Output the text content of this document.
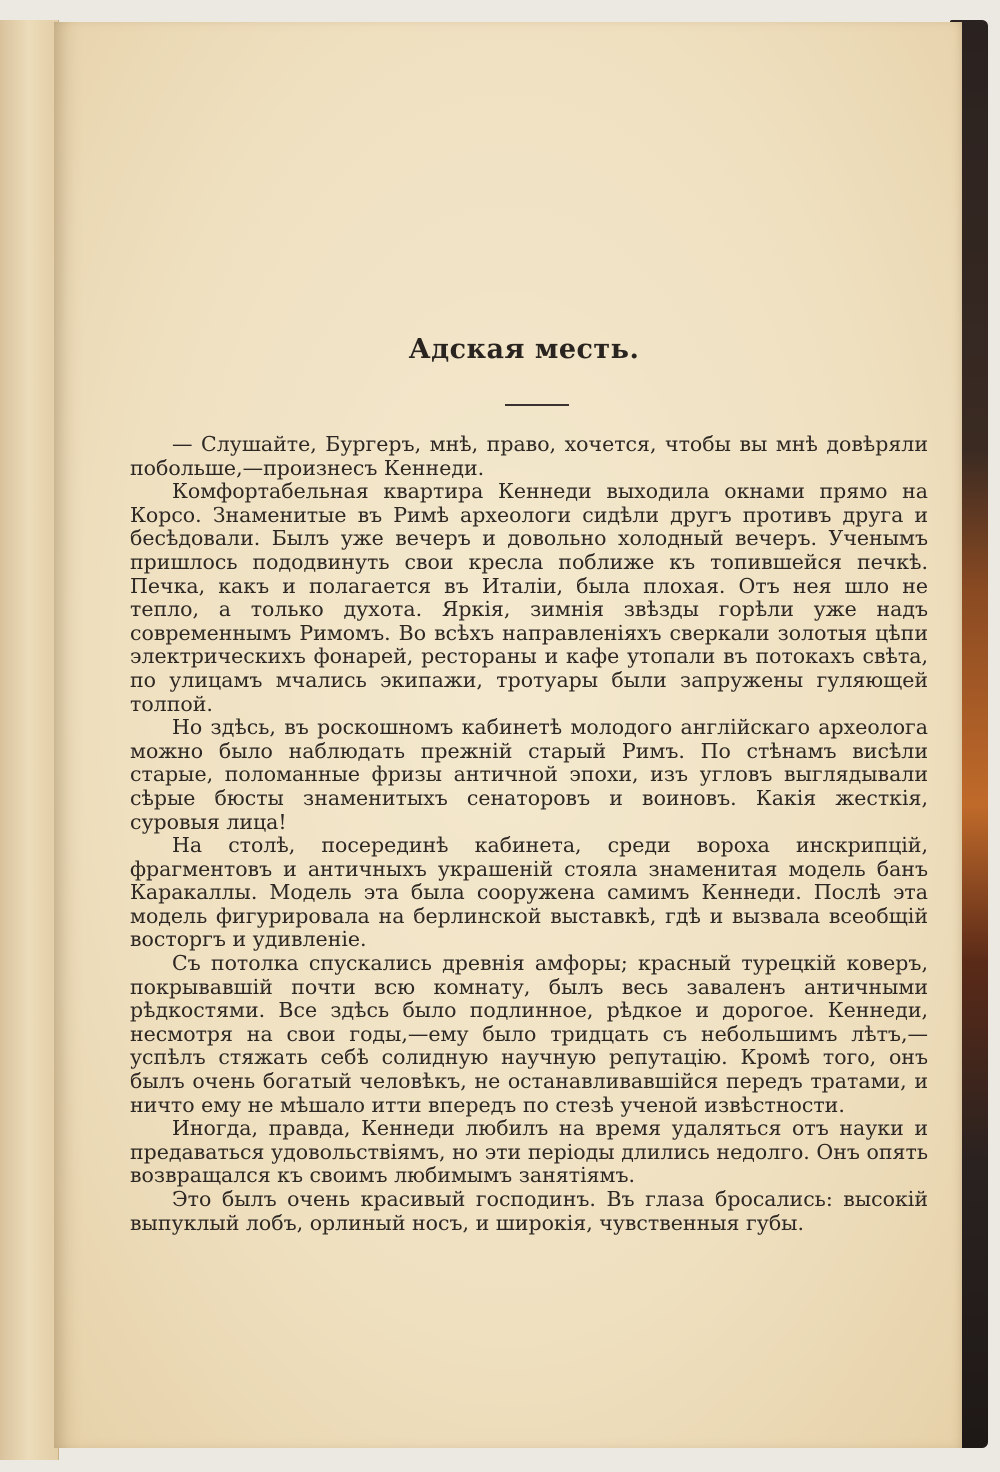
Адская месть.

— Слушайте, Бургеръ, мнѣ, право, хочется, чтобы вы мнѣ довѣряли побольше,—произнесъ Кеннеди.

Комфортабельная квартира Кеннеди выходила окнами прямо на Корсо. Знаменитые въ Римѣ археологи сидѣли другъ противъ друга и бесѣдовали. Былъ уже вечеръ и довольно холодный вечеръ. Ученымъ пришлось пододвинуть свои кресла поближе къ топившейся печкѣ. Печка, какъ и полагается въ Италіи, была плохая. Отъ нея шло не тепло, а только духота. Яркія, зимнія звѣзды горѣли уже надъ современнымъ Римомъ. Во всѣхъ направленіяхъ сверкали золотыя цѣпи электрическихъ фонарей, рестораны и кафе утопали въ потокахъ свѣта, по улицамъ мчались экипажи, тротуары были запружены гуляющей толпой.

Но здѣсь, въ роскошномъ кабинетѣ молодого англійскаго археолога можно было наблюдать прежній старый Римъ. По стѣнамъ висѣли старые, поломанные фризы античной эпохи, изъ угловъ выглядывали сѣрые бюсты знаменитыхъ сенаторовъ и воиновъ. Какія жесткія, суровыя лица!

На столѣ, посерединѣ кабинета, среди вороха инскрипцій, фрагментовъ и античныхъ украшеній стояла знаменитая модель банъ Каракаллы. Модель эта была сооружена самимъ Кеннеди. Послѣ эта модель фигурировала на берлинской выставкѣ, гдѣ и вызвала всеобщій восторгъ и удивленіе.

Съ потолка спускались древнія амфоры; красный турецкій коверъ, покрывавшій почти всю комнату, былъ весь заваленъ античными рѣдкостями. Все здѣсь было подлинное, рѣдкое и дорогое. Кеннеди, несмотря на свои годы,—ему было тридцать съ небольшимъ лѣтъ,—успѣлъ стяжать себѣ солидную научную репутацію. Кромѣ того, онъ былъ очень богатый человѣкъ, не останавливавшійся передъ тратами, и ничто ему не мѣшало итти впередъ по стезѣ ученой извѣстности.

Иногда, правда, Кеннеди любилъ на время удаляться отъ науки и предаваться удовольствіямъ, но эти періоды длились недолго. Онъ опять возвращался къ своимъ любимымъ занятіямъ.

Это былъ очень красивый господинъ. Въ глаза бросались: высокій выпуклый лобъ, орлиный носъ, и широкія, чувственныя губы.
